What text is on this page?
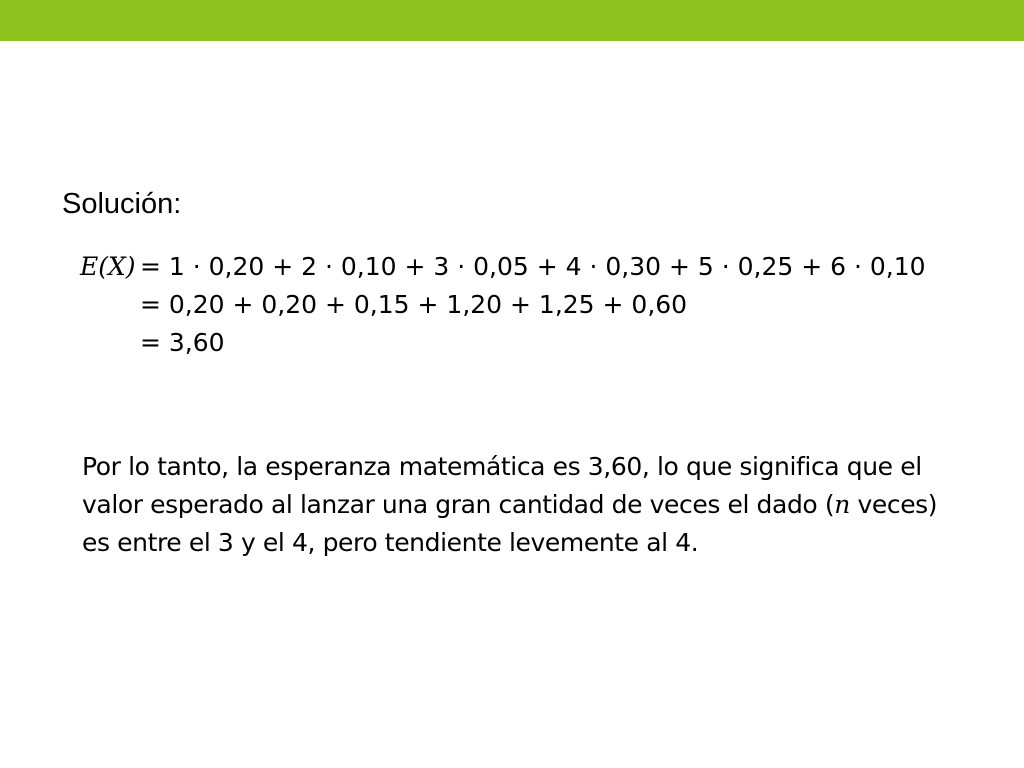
Solución:
E(X) = 1 · 0,20 + 2 · 0,10 + 3 · 0,05 + 4 · 0,30 + 5 · 0,25 + 6 · 0,10
= 0,20 + 0,20 + 0,15 + 1,20 + 1,25 + 0,60
= 3,60
Por lo tanto, la esperanza matemática es 3,60, lo que significa que el
valor esperado al lanzar una gran cantidad de veces el dado (n veces)
es entre el 3 y el 4, pero tendiente levemente al 4.
